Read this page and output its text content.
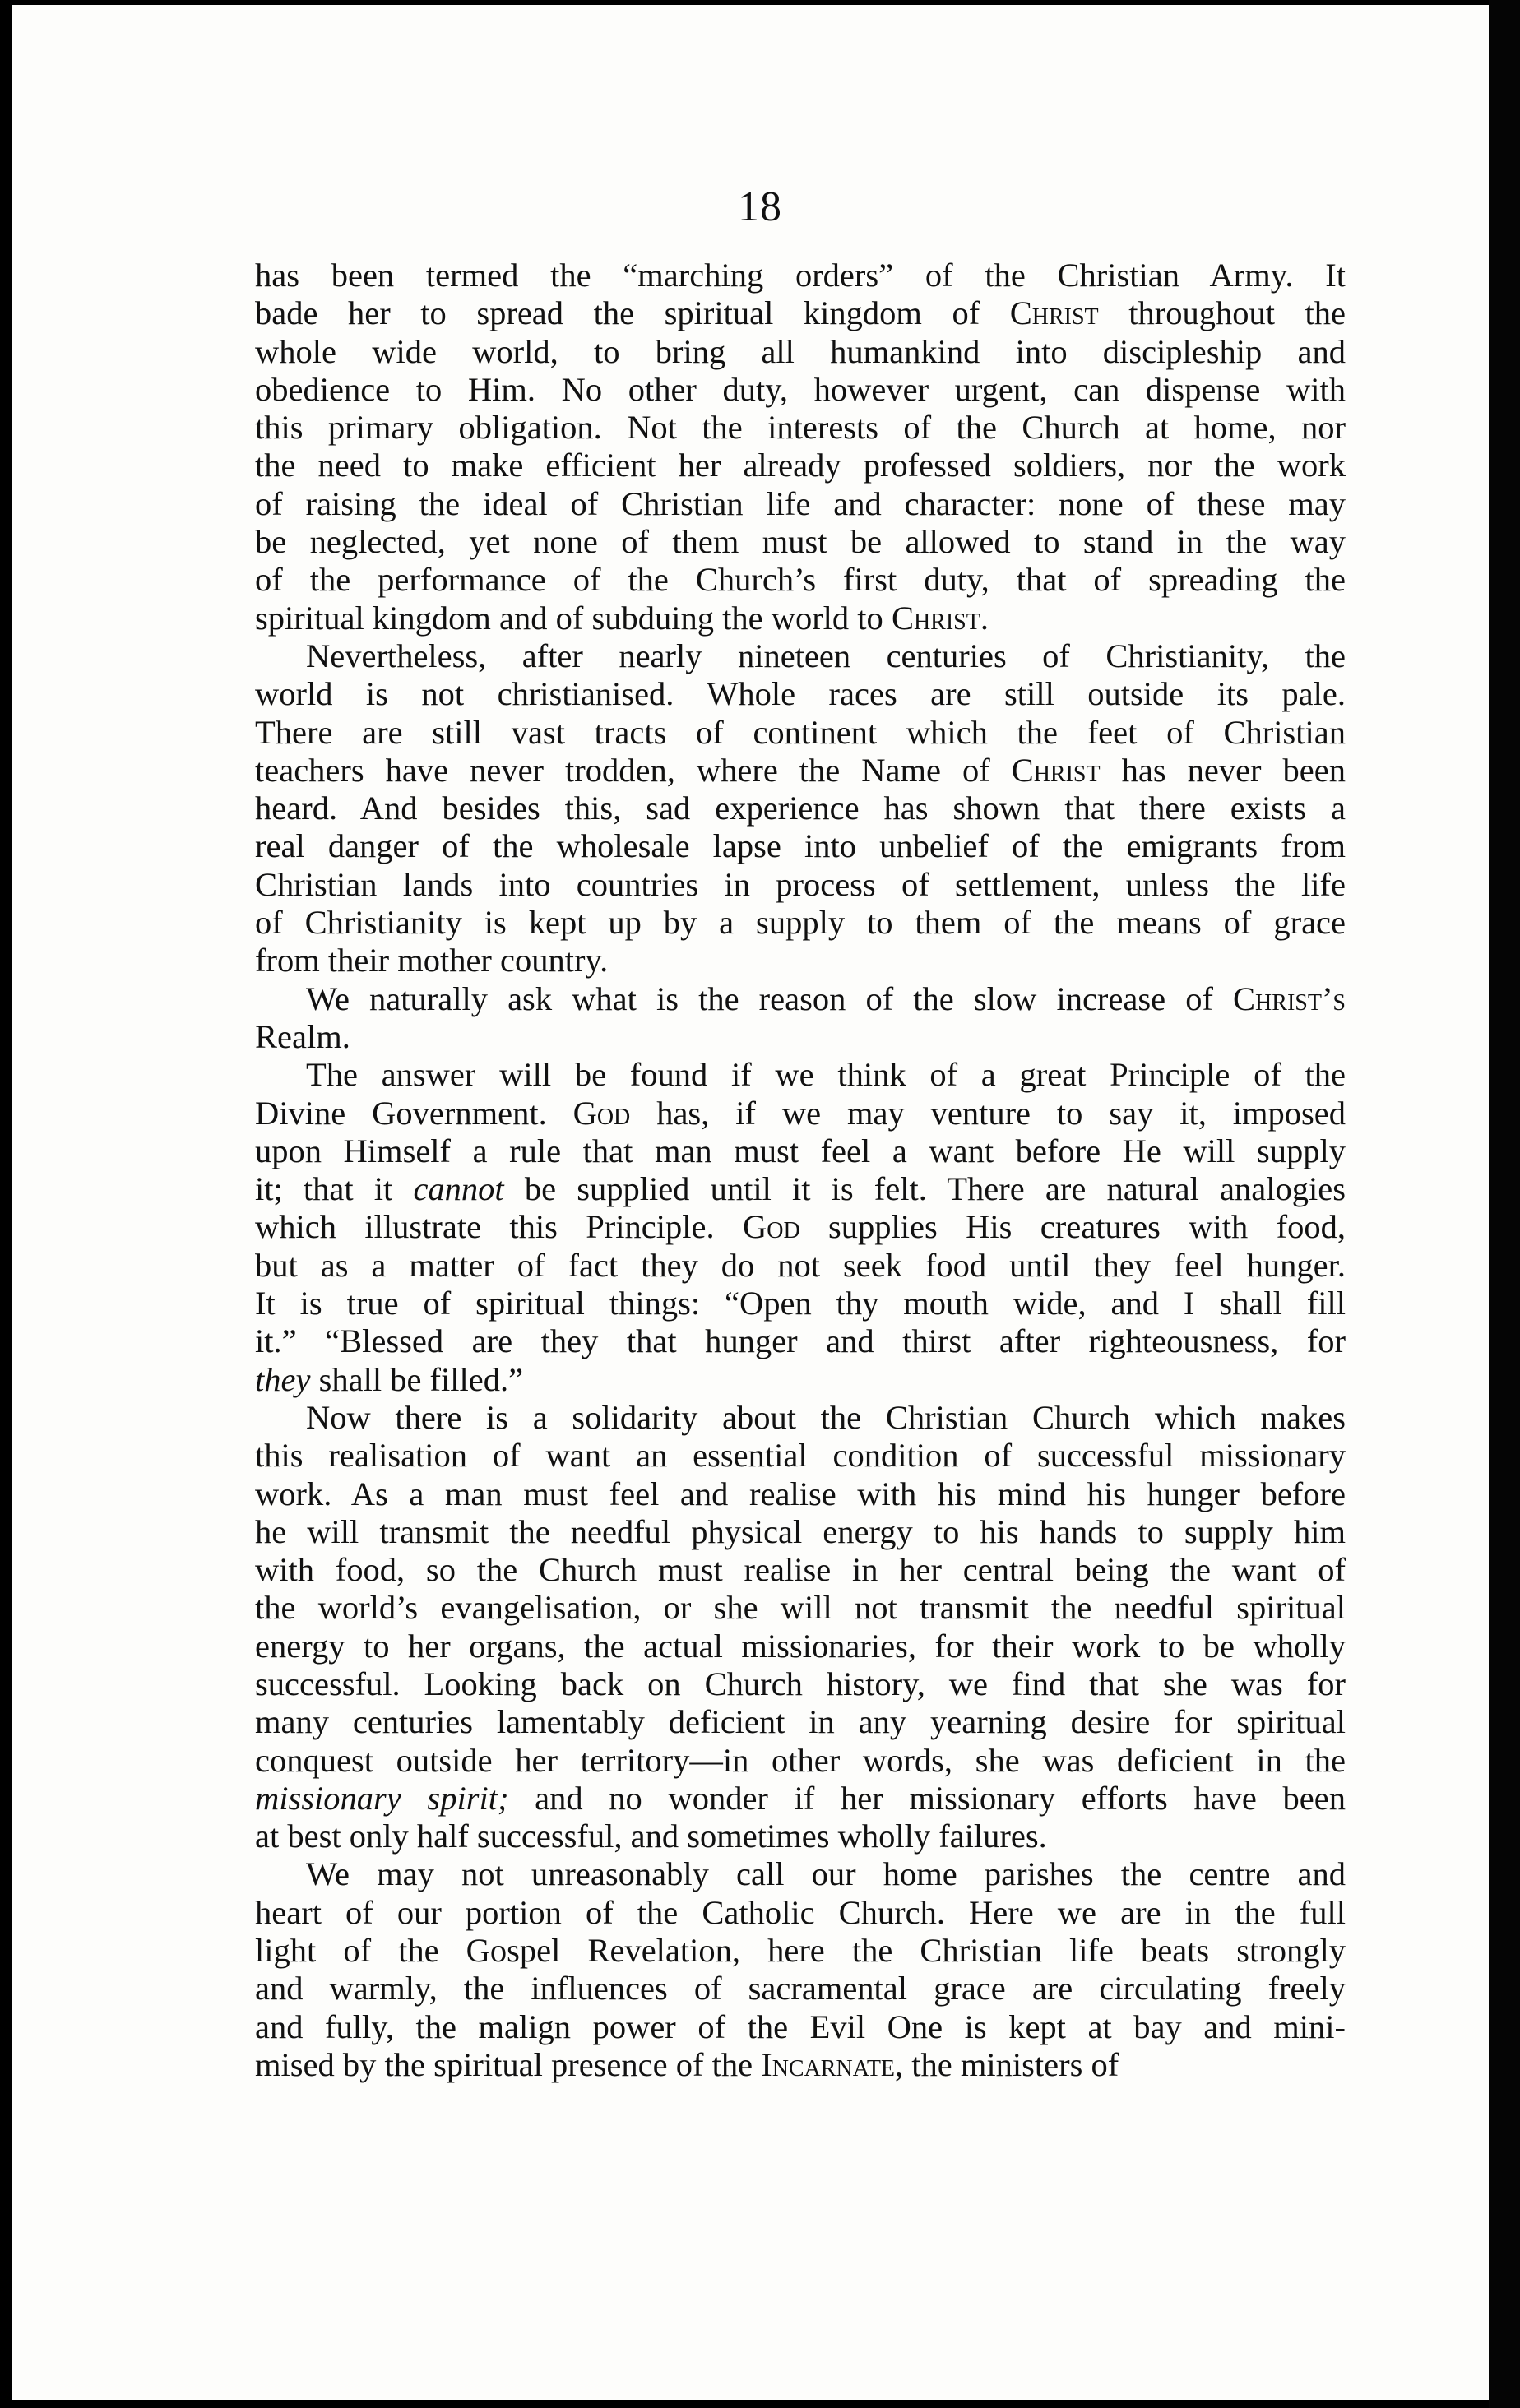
18

has been termed the “marching orders” of the Christian Army. It

bade her to spread the spiritual kingdom of Christ throughout the

whole wide world, to bring all humankind into discipleship and

obedience to Him. No other duty, however urgent, can dispense with

this primary obligation. Not the interests of the Church at home, nor

the need to make efficient her already professed soldiers, nor the work

of raising the ideal of Christian life and character: none of these may

be neglected, yet none of them must be allowed to stand in the way

of the performance of the Church’s first duty, that of spreading the

spiritual kingdom and of subduing the world to Christ.

Nevertheless, after nearly nineteen centuries of Christianity, the

world is not christianised. Whole races are still outside its pale.

There are still vast tracts of continent which the feet of Christian

teachers have never trodden, where the Name of Christ has never been

heard. And besides this, sad experience has shown that there exists a

real danger of the wholesale lapse into unbelief of the emigrants from

Christian lands into countries in process of settlement, unless the life

of Christianity is kept up by a supply to them of the means of grace

from their mother country.

We naturally ask what is the reason of the slow increase of Christ’s

Realm.

The answer will be found if we think of a great Principle of the

Divine Government. God has, if we may venture to say it, imposed

upon Himself a rule that man must feel a want before He will supply

it; that it cannot be supplied until it is felt. There are natural analogies

which illustrate this Principle. God supplies His creatures with food,

but as a matter of fact they do not seek food until they feel hunger.

It is true of spiritual things: “Open thy mouth wide, and I shall fill

it.” “Blessed are they that hunger and thirst after righteousness, for

they shall be filled.”

Now there is a solidarity about the Christian Church which makes

this realisation of want an essential condition of successful missionary

work. As a man must feel and realise with his mind his hunger before

he will transmit the needful physical energy to his hands to supply him

with food, so the Church must realise in her central being the want of

the world’s evangelisation, or she will not transmit the needful spiritual

energy to her organs, the actual missionaries, for their work to be wholly

successful. Looking back on Church history, we find that she was for

many centuries lamentably deficient in any yearning desire for spiritual

conquest outside her territory—in other words, she was deficient in the

missionary spirit; and no wonder if her missionary efforts have been

at best only half successful, and sometimes wholly failures.

We may not unreasonably call our home parishes the centre and

heart of our portion of the Catholic Church. Here we are in the full

light of the Gospel Revelation, here the Christian life beats strongly

and warmly, the influences of sacramental grace are circulating freely

and fully, the malign power of the Evil One is kept at bay and mini-

mised by the spiritual presence of the Incarnate, the ministers of
